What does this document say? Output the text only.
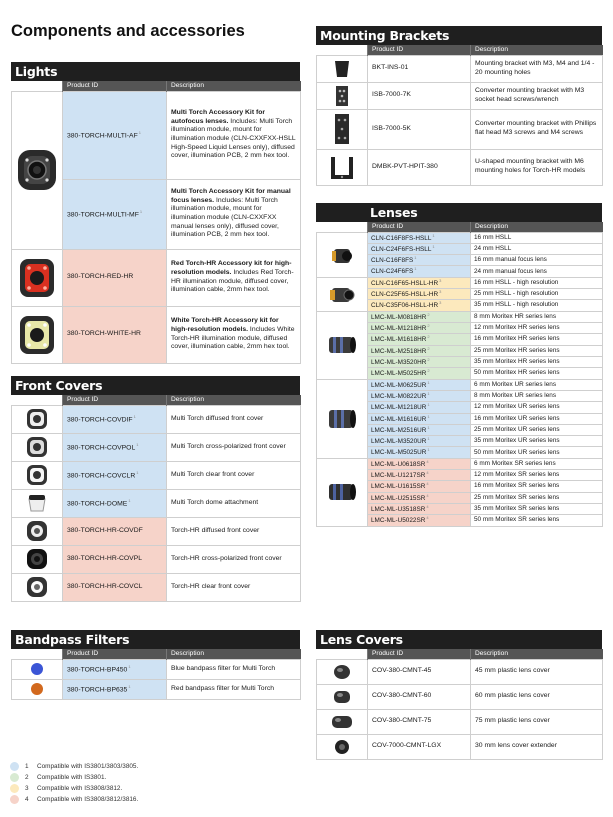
Components and accessories
Lights
	Product ID	Description

	$380-TORCH-MULTI-AF^1$	Multi Torch Accessory Kit for autofocus lenses. Includes: Multi Torch illumination module, mount for illumination module (CLN-CXXFXX-HSLL High-Speed Liquid Lenses only), diffused cover, illumination PCB, 2 mm hex tool.
	$380-TORCH-MULTI-MF^1$	Multi Torch Accessory Kit for manual focus lenses. Includes: Multi Torch illumination module, mount for illumination module (CLN-CXXFXX manual lenses only), diffused cover, illumination PCB, 2 mm hex tool.

	380-TORCH-RED-HR	Red Torch-HR Accessory kit for high-resolution models. Includes Red Torch-HR illumination module, diffused cover, illumination cable, 2mm hex tool.

	380-TORCH-WHITE-HR	White Torch-HR Accessory kit for high-resolution models. Includes White Torch-HR illumination module, diffused cover, illumination cable, 2mm hex tool.
Front Covers
	Product ID	Description

	380-TORCH-COVDIF$^1$	Multi Torch diffused front cover

	380-TORCH-COVPOL$^1$	Multi Torch cross-polarized front cover

	380-TORCH-COVCLR$^1$	Multi Torch clear front cover

	380-TORCH-DOME$^1$	Multi Torch dome attachment

	380-TORCH-HR-COVDF	Torch-HR diffused front cover

	380-TORCH-HR-COVPL	Torch-HR cross-polarized front cover

	380-TORCH-HR-COVCL	Torch-HR clear front cover
Bandpass Filters
	Product ID	Description

	$380-TORCH-BP450^1$	Blue bandpass filter for Multi Torch

	$380-TORCH-BP635^1$	Red bandpass filter for Multi Torch
Mounting Brackets
	Product ID	Description

	BKT-INS-01	Mounting bracket with M3, M4 and 1/4 - 20 mounting holes

	ISB-7000-7K	Converter mounting bracket with M3 socket head screws/wrench

	ISB-7000-5K	Converter mounting bracket with Phillips flat head M3 screws and M4 screws

	DMBK-PVT-HPIT-380	U-shaped mounting bracket with M6 mounting holes for Torch-HR models
Lenses
	Product ID	Description

	CLN-C16F8FS-HSLL$^1$	16 mm HSLL
	CLN-C24F6FS-HSLL$^1$	24 mm HSLL
	CLN-$C16F8FS^1$	16 mm manual focus lens
	CLN-$C24F6FS^1$	24 mm manual focus lens

	CLN-$C16F65-HSLL-HR^3$	16 mm HSLL - high resolution
	CLN-$C25F65-HSLL-HR^3$	25 mm HSLL - high resolution
	CLN-$C35F06-HSLL-HR^3$	35 mm HSLL - high resolution

	LMC-$ML-M0818HR^2$	8 mm Moritex HR series lens
	LMC-$ML-M1218HR^2$	12 mm Moritex HR series lens
	LMC-$ML-M1618HR^2$	16 mm Moritex HR series lens
	LMC-$ML-M2518HR^2$	25 mm Moritex HR series lens
	LMC-$ML-M3520HR^2$	35 mm Moritex HR series lens
	LMC-$ML-M5025HR^2$	50 mm Moritex HR series lens

	LMC-$ML-M0625UR^1$	6 mm Moritex UR series lens
	LMC-$ML-M0822UR^1$	8 mm Moritex UR series lens
	LMC-$ML-M1218UR^1$	12 mm Moritex UR series lens
	LMC-$ML-M1616UR^1$	16 mm Moritex UR series lens
	LMC-$ML-M2516UR^1$	25 mm Moritex UR series lens
	LMC-$ML-M3520UR^1$	35 mm Moritex UR series lens
	LMC-$ML-M5025UR^1$	50 mm Moritex UR series lens

	LMC-$ML-U0618SR^4$	6 mm Moritex SR series lens
	LMC-$ML-U1217SR^4$	12 mm Moritex SR series lens
	LMC-$ML-U1615SR^4$	16 mm Moritex SR series lens
	LMC-$ML-U2515SR^4$	25 mm Moritex SR series lens
	LMC-$ML-U3518SR^4$	35 mm Moritex SR series lens
	LMC-$ML-U5022SR^4$	50 mm Moritex SR series lens
Lens Covers
	Product ID	Description

	COV-380-CMNT-45	45 mm plastic lens cover

	COV-380-CMNT-60	60 mm plastic lens cover

	COV-380-CMNT-75	75 mm plastic lens cover

	COV-7000-CMNT-LGX	30 mm lens cover extender
1	Compatible with IS3801/3803/3805.
2	Compatible with IS3801.
3	Compatible with IS3808/3812.
4	Compatible with IS3808/3812/3816.
